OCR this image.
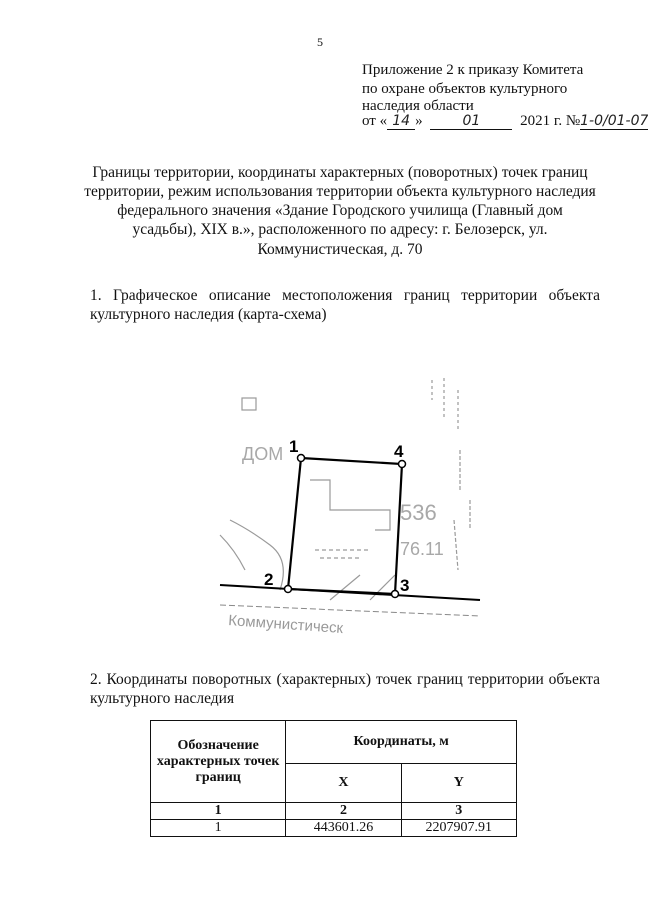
5
Приложение 2 к приказу Комитета
по охране объектов культурного
наследия области
от « 14 »	01	2021 г. №1-0/01-07
Границы территории, координаты характерных (поворотных) точек границ
территории, режим использования территории объекта культурного наследия
федерального значения «Здание Городского училища (Главный дом
усадьбы), XIX в.», расположенного по адресу: г. Белозерск, ул.
Коммунистическая, д. 70
1. Графическое описание местоположения границ территории объекта культурного наследия (карта-схема)
ДОМ
536
76.11
Коммунистическ
1
2	3
4
2. Координаты поворотных (характерных) точек границ территории объекта культурного наследия
Обозначение характерных точек границ	Координаты, м	
	X	Y
1	2	3
1	443601.26	2207907.91
